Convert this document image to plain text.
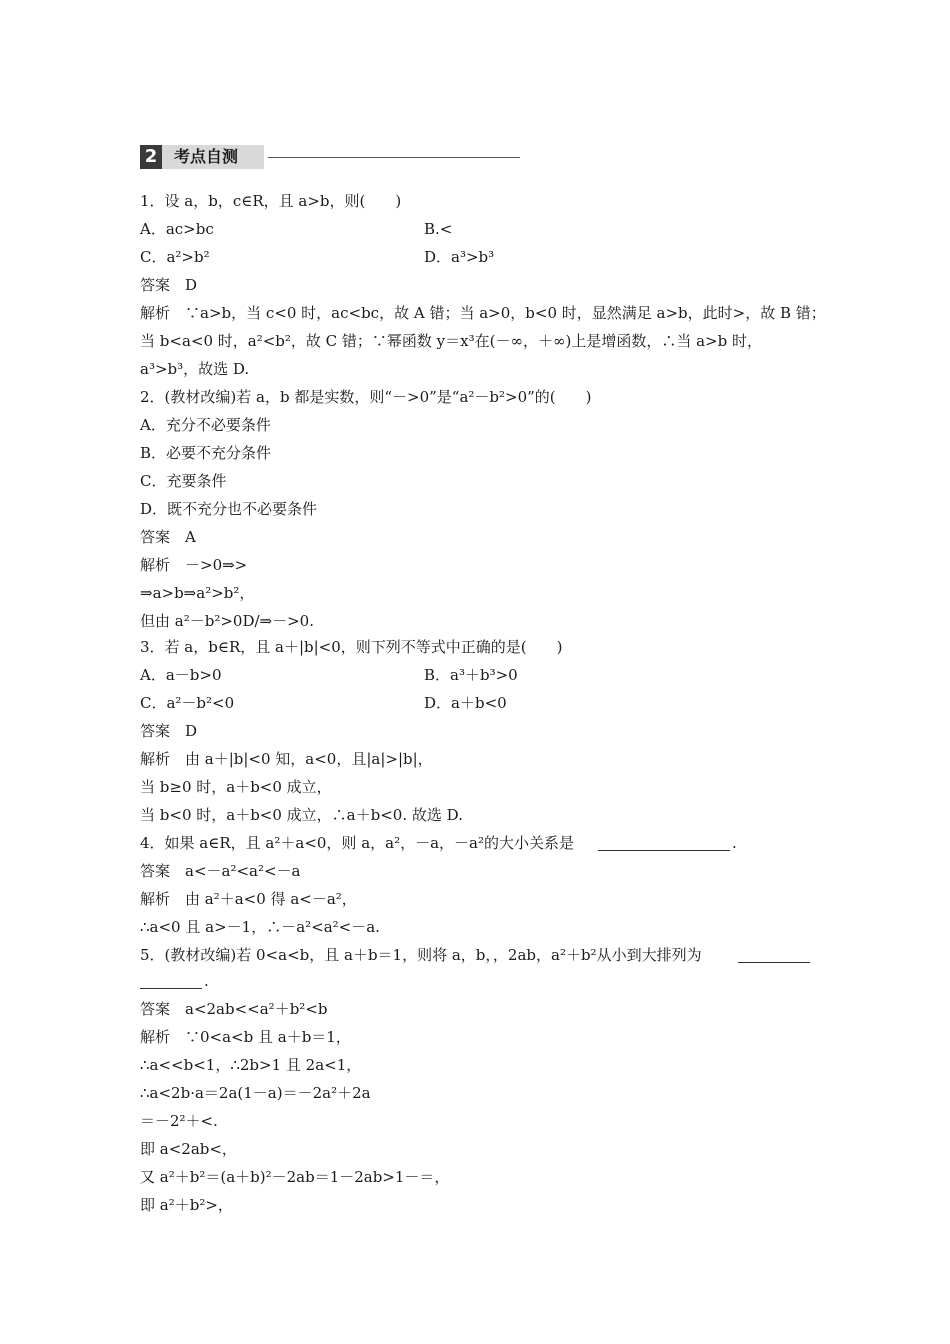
2	考点自测
1．设 a，b，c∈R，且 a>b，则(　　)
A．ac>bc	B.<
C．a²>b²	D．a³>b³
答案　D
解析　∵a>b，当 c<0 时，ac<bc，故 A 错；当 a>0，b<0 时，显然满足 a>b，此时>，故 B 错；
当 b<a<0 时，a²<b²，故 C 错；∵幂函数 y＝x³在(－∞，＋∞)上是增函数，∴当 a>b 时，
a³>b³，故选 D.
2．(教材改编)若 a，b 都是实数，则“－>0”是“a²－b²>0”的(　　)
A．充分不必要条件
B．必要不充分条件
C．充要条件
D．既不充分也不必要条件
答案　A
解析　－>0⇒>
⇒a>b⇒a²>b²，
但由 a²－b²>0D/⇒－>0.
3．若 a，b∈R，且 a＋|b|<0，则下列不等式中正确的是(　　)
A．a－b>0	B．a³＋b³>0
C．a²－b²<0	D．a＋b<0
答案　D
解析　由 a＋|b|<0 知，a<0，且|a|>|b|，
当 b≥0 时，a＋b<0 成立，
当 b<0 时，a＋b<0 成立，∴a＋b<0. 故选 D.
4．如果 a∈R，且 a²＋a<0，则 a，a²，－a，－a²的大小关系是	.
答案　a<－a²<a²<－a
解析　由 a²＋a<0 得 a<－a²，
∴a<0 且 a>－1，∴－a²<a²<－a.
5．(教材改编)若 0<a<b，且 a＋b＝1，则将 a，b，，2ab，a²＋b²从小到大排列为
.
答案　a<2ab<<a²＋b²<b
解析　∵0<a<b 且 a＋b＝1，
∴a<<b<1，∴2b>1 且 2a<1，
∴a<2b·a＝2a(1－a)＝－2a²＋2a
＝－2²＋<.
即 a<2ab<，
又 a²＋b²＝(a＋b)²－2ab＝1－2ab>1－＝，
即 a²＋b²>，
